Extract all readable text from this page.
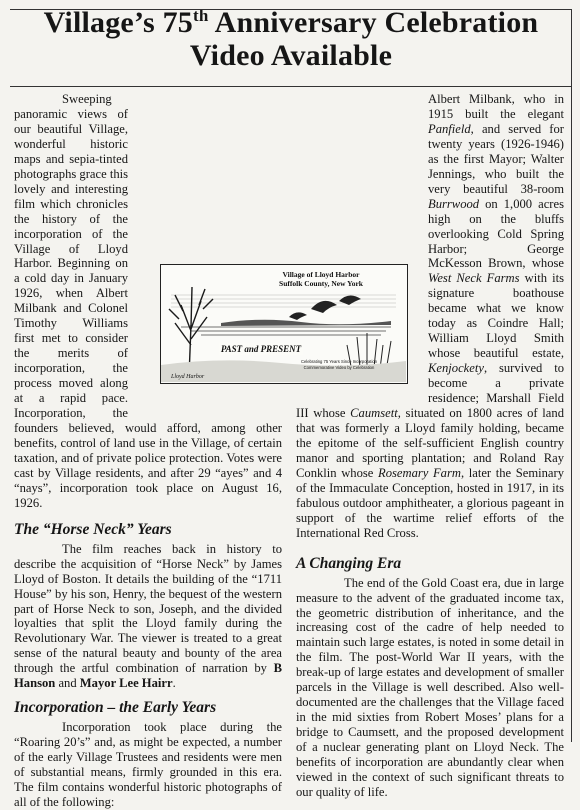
Village’s 75th Anniversary Celebration
Video Available

Sweeping panoramic views of our beautiful Village, wonderful historic maps and sepia-tinted photographs grace this lovely and interesting film which chronicles the history of the incorporation of the Village of Lloyd Harbor. Beginning on a cold day in January 1926, when Albert Milbank and Colonel Timothy Williams first met to consider the merits of incorporation, the process moved along at a rapid pace. Incorporation, the founders believed, would afford, among other benefits, control of land use in the Village, of certain taxation, and of private police protection. Votes were cast by Village residents, and after 29 “ayes” and 4 “nays”, incorporation took place on August 16, 1926.

The “Horse Neck” Years

The film reaches back in history to describe the acquisition of “Horse Neck” by James Lloyd of Boston. It details the building of the “1711 House” by his son, Henry, the bequest of the western part of Horse Neck to son, Joseph, and the divided loyalties that split the Lloyd family during the Revolutionary War. The viewer is treated to a great sense of the natural beauty and bounty of the area through the artful combination of narration by B Hanson and Mayor Lee Hairr.

Incorporation – the Early Years

Incorporation took place during the “Roaring 20’s” and, as might be expected, a number of the early Village Trustees and residents were men of substantial means, firmly grounded in this era. The film contains wonderful historic photographs of all of the following:

Albert Milbank, who in 1915 built the elegant Panfield, and served for twenty years (1926-1946) as the first Mayor; Walter Jennings, who built the very beautiful 38-room Burrwood on 1,000 acres high on the bluffs overlooking Cold Spring Harbor; George McKesson Brown, whose West Neck Farms with its signature boathouse became what we know today as Coindre Hall; William Lloyd Smith whose beautiful estate, Kenjockety, survived to become a private residence; Marshall Field III whose Caumsett, situated on 1800 acres of land that was formerly a Lloyd family holding, became the epitome of the self-sufficient English country manor and sporting plantation; and Roland Ray Conklin whose Rosemary Farm, later the Seminary of the Immaculate Conception, hosted in 1917, in its fabulous outdoor amphitheater, a glorious pageant in support of the wartime relief efforts of the International Red Cross.

A Changing Era

The end of the Gold Coast era, due in large measure to the advent of the graduated income tax, the geometric distribution of inheritance, and the increasing cost of the cadre of help needed to maintain such large estates, is noted in some detail in the film. The post-World War II years, with the break-up of large estates and development of smaller parcels in the Village is well described. Also well-documented are the challenges that the Village faced in the mid sixties from Robert Moses’ plans for a bridge to Caumsett, and the proposed development of a nuclear generating plant on Lloyd Neck. The benefits of incorporation are abundantly clear when viewed in the context of such significant threats to our quality of life.

Village of Lloyd Harbor
Suffolk County, New York
PAST and PRESENT
Celebrating 75 Years Since Incorporation
Commemorative Video by Celebration
Lloyd Harbor
